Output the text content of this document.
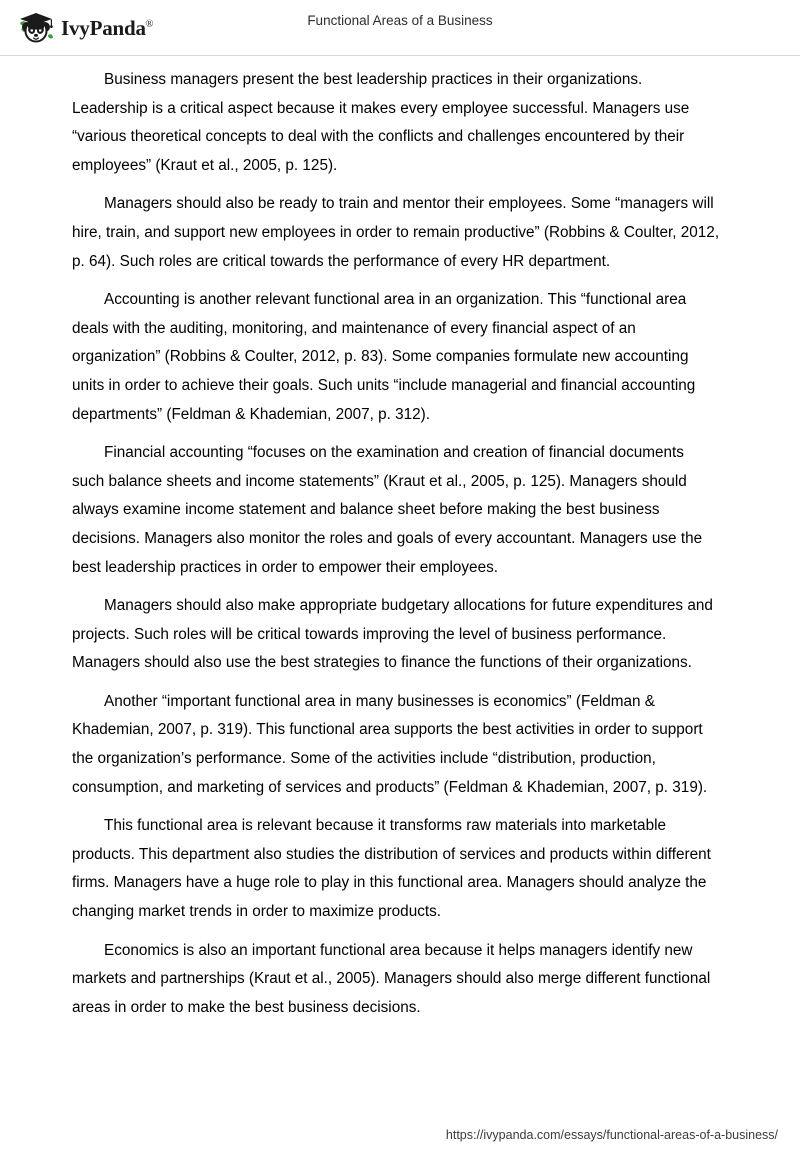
IvyPanda®	Functional Areas of a Business

Business managers present the best leadership practices in their organizations. Leadership is a critical aspect because it makes every employee successful. Managers use “various theoretical concepts to deal with the conflicts and challenges encountered by their employees” (Kraut et al., 2005, p. 125).

Managers should also be ready to train and mentor their employees. Some “managers will hire, train, and support new employees in order to remain productive” (Robbins & Coulter, 2012, p. 64). Such roles are critical towards the performance of every HR department.

Accounting is another relevant functional area in an organization. This “functional area deals with the auditing, monitoring, and maintenance of every financial aspect of an organization” (Robbins & Coulter, 2012, p. 83). Some companies formulate new accounting units in order to achieve their goals. Such units “include managerial and financial accounting departments” (Feldman & Khademian, 2007, p. 312).

Financial accounting “focuses on the examination and creation of financial documents such balance sheets and income statements” (Kraut et al., 2005, p. 125). Managers should always examine income statement and balance sheet before making the best business decisions. Managers also monitor the roles and goals of every accountant. Managers use the best leadership practices in order to empower their employees.

Managers should also make appropriate budgetary allocations for future expenditures and projects. Such roles will be critical towards improving the level of business performance. Managers should also use the best strategies to finance the functions of their organizations.

Another “important functional area in many businesses is economics” (Feldman & Khademian, 2007, p. 319). This functional area supports the best activities in order to support the organization’s performance. Some of the activities include “distribution, production, consumption, and marketing of services and products” (Feldman & Khademian, 2007, p. 319).

This functional area is relevant because it transforms raw materials into marketable products. This department also studies the distribution of services and products within different firms. Managers have a huge role to play in this functional area. Managers should analyze the changing market trends in order to maximize products.

Economics is also an important functional area because it helps managers identify new markets and partnerships (Kraut et al., 2005). Managers should also merge different functional areas in order to make the best business decisions.

https://ivypanda.com/essays/functional-areas-of-a-business/
